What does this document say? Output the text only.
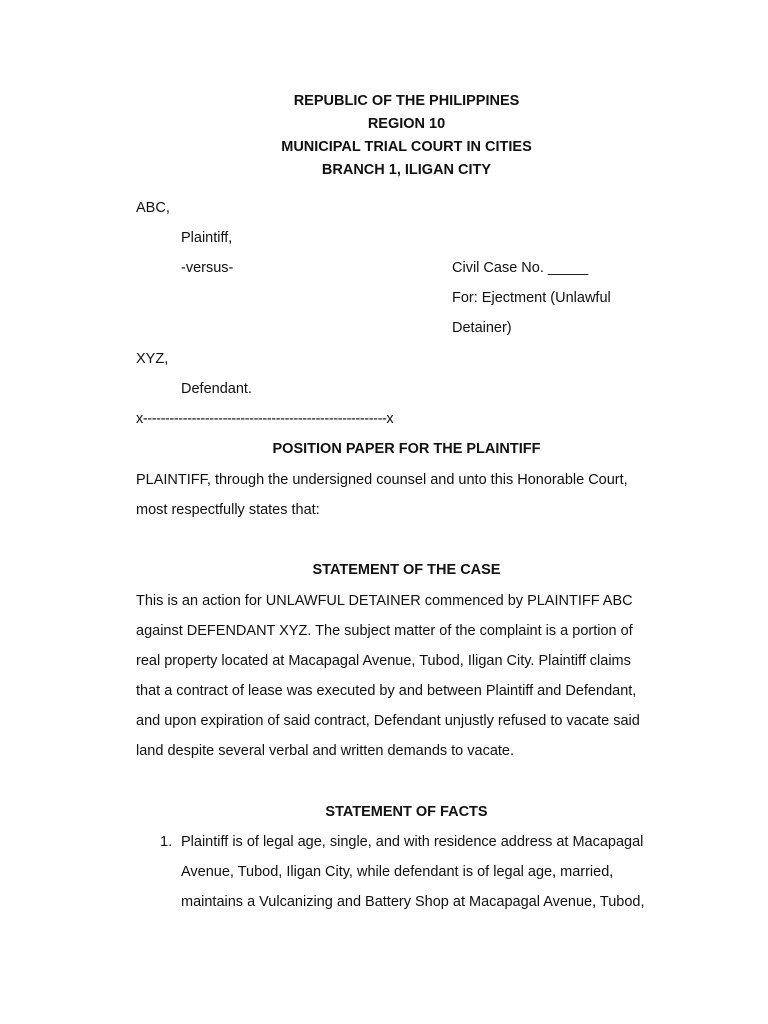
REPUBLIC OF THE PHILIPPINES
REGION 10
MUNICIPAL TRIAL COURT IN CITIES
BRANCH 1, ILIGAN CITY
ABC,
Plaintiff,
-versus-	Civil Case No. _____
For: Ejectment (Unlawful
Detainer)
XYZ,
Defendant.
x-------------------------------------------------------x
POSITION PAPER FOR THE PLAINTIFF
PLAINTIFF, through the undersigned counsel and unto this Honorable Court,
most respectfully states that:
STATEMENT OF THE CASE
This is an action for UNLAWFUL DETAINER commenced by PLAINTIFF ABC
against DEFENDANT XYZ. The subject matter of the complaint is a portion of
real property located at Macapagal Avenue, Tubod, Iligan City. Plaintiff claims
that a contract of lease was executed by and between Plaintiff and Defendant,
and upon expiration of said contract, Defendant unjustly refused to vacate said
land despite several verbal and written demands to vacate.
STATEMENT OF FACTS
1. Plaintiff is of legal age, single, and with residence address at Macapagal
Avenue, Tubod, Iligan City, while defendant is of legal age, married,
maintains a Vulcanizing and Battery Shop at Macapagal Avenue, Tubod,
